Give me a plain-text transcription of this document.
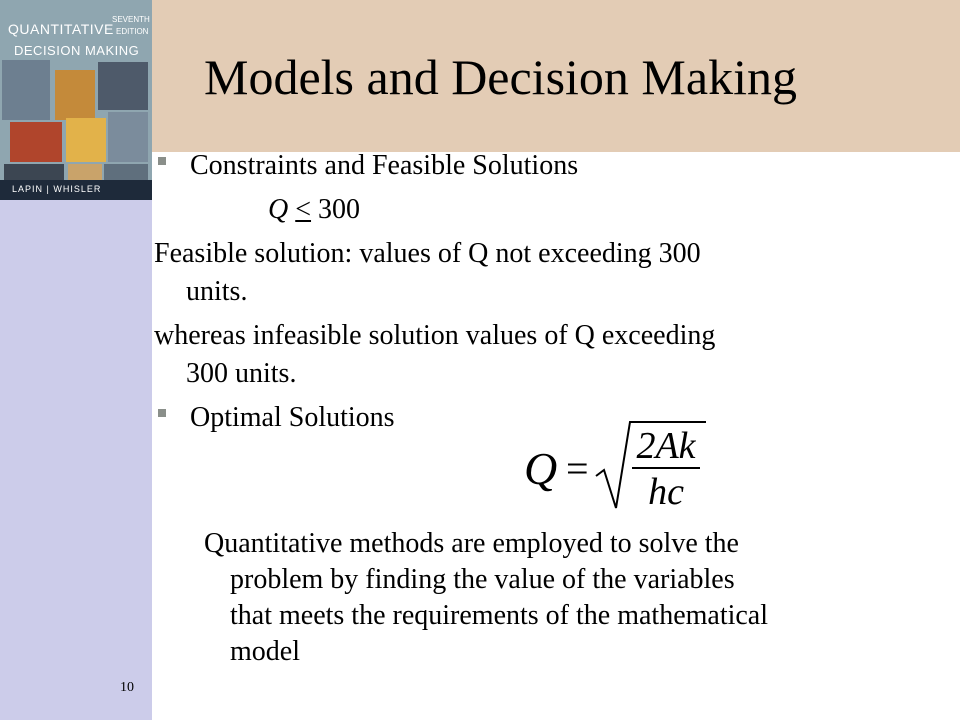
QUANTITATIVE
DECISION MAKING
SEVENTH
EDITION
LAPIN | WHISLER
Models and Decision Making
Constraints and Feasible Solutions
Q < 300
Feasible solution: values of Q not exceeding 300
units.
whereas infeasible solution values of Q exceeding
300 units.
Optimal Solutions
Q = 2Ak
hc
Quantitative methods are employed to solve the
problem by finding the value of the variables
that meets the requirements of the mathematical
model
10
